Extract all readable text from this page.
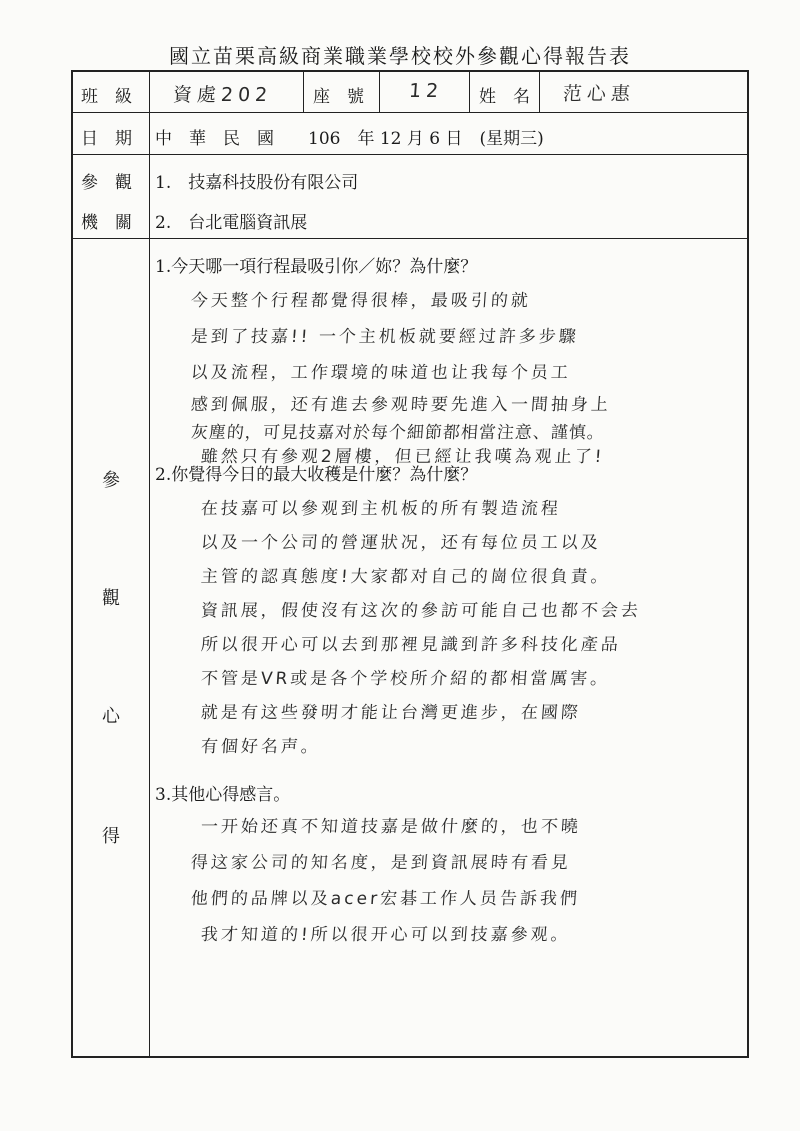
國立苗栗高級商業職業學校校外參觀心得報告表
班　級	資處202 座　號 12 姓　名 范心惠
日　期 中　華　民　國　　106　年 12 月 6 日　(星期三)
參　觀
機　關
1.　技嘉科技股份有限公司
2.　台北電腦資訊展
參
觀
心
得
1.今天哪一項行程最吸引你／妳？為什麼？
今天整个行程都覺得很棒，最吸引的就
是到了技嘉!! 一个主机板就要經过許多步驟
以及流程，工作環境的味道也让我每个员工
感到佩服，还有進去參观時要先進入一間抽身上
灰塵的，可見技嘉对於每个細節都相當注意、謹慎。
雖然只有參观2層樓，但已經让我嘆為观止了!
2.你覺得今日的最大收穫是什麼？為什麼？
在技嘉可以參观到主机板的所有製造流程
以及一个公司的營運狀况，还有每位员工以及
主管的認真態度!大家都对自己的崗位很負責。
資訊展，假使沒有这次的參訪可能自己也都不会去
所以很开心可以去到那裡見識到許多科技化產品
不管是VR或是各个学校所介紹的都相當厲害。
就是有这些發明才能让台灣更進步，在國際
有個好名声。
3.其他心得感言。
一开始还真不知道技嘉是做什麼的，也不曉
得这家公司的知名度，是到資訊展時有看見
他們的品牌以及acer宏碁工作人员告訴我們
我才知道的!所以很开心可以到技嘉參观。
